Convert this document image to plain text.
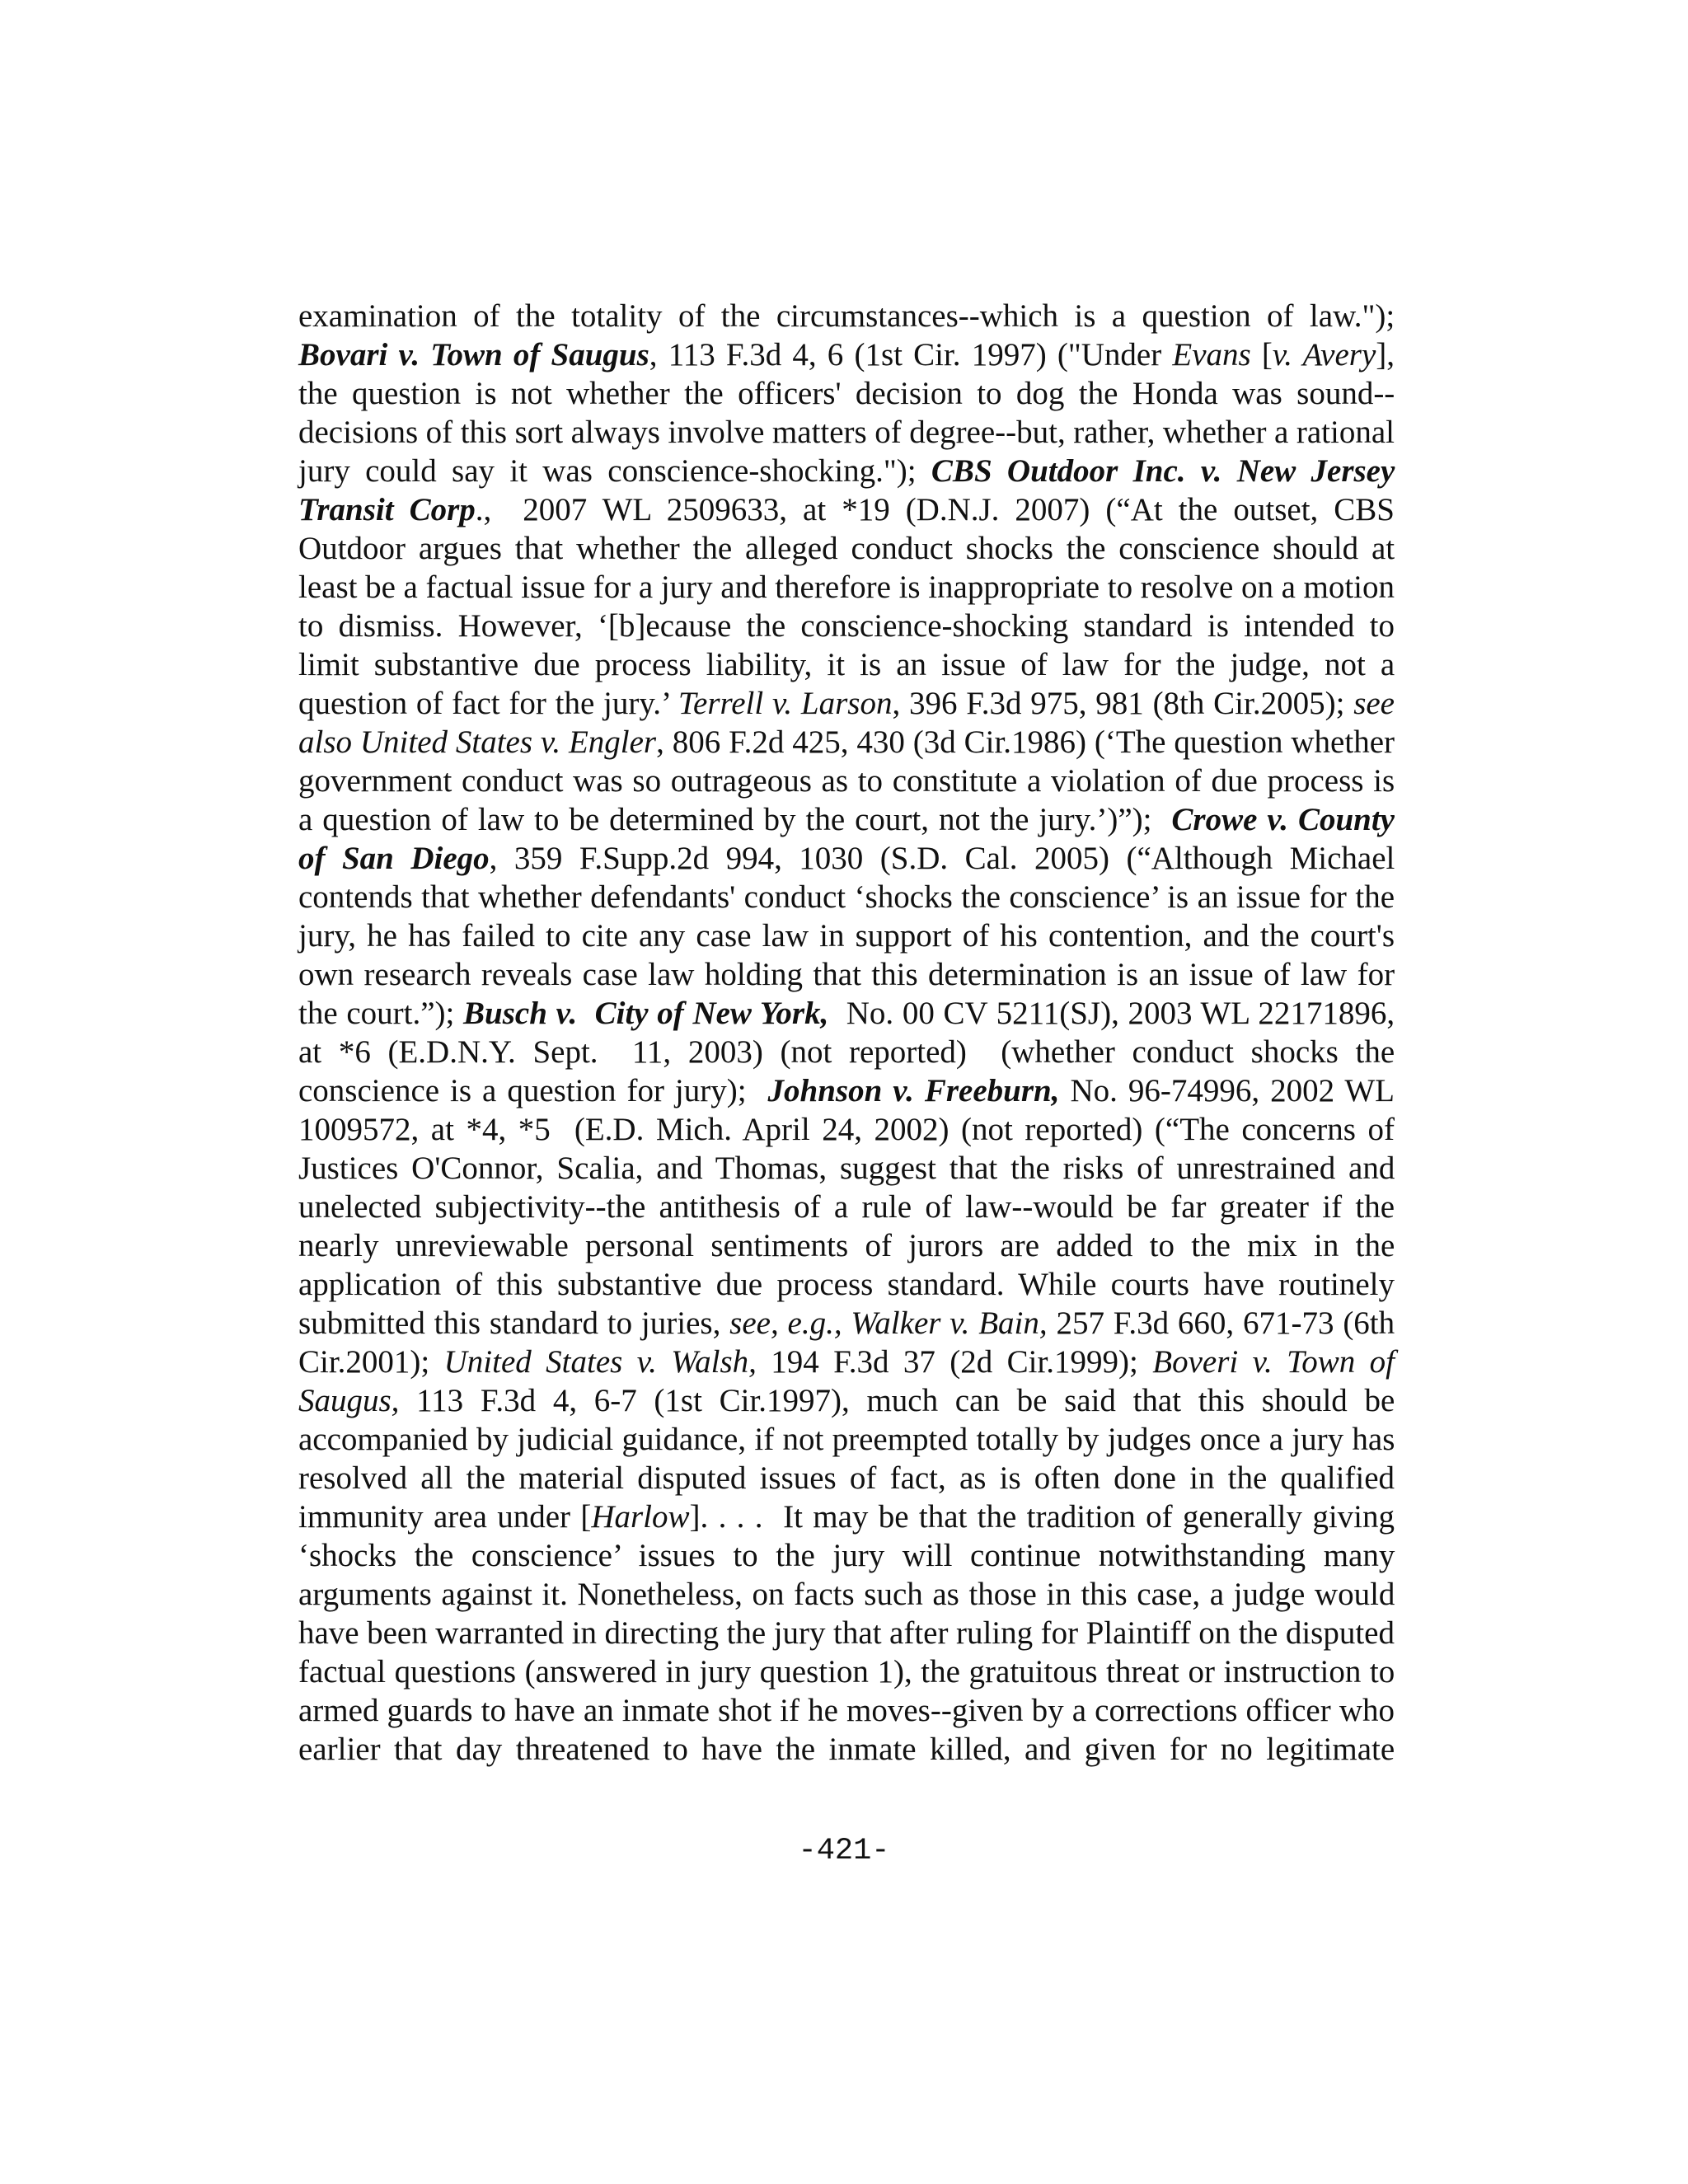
examination of the totality of the circumstances--which is a question of law.");
Bovari v. Town of Saugus, 113 F.3d 4, 6 (1st Cir. 1997) ("Under Evans [v. Avery],
the question is not whether the officers' decision to dog the Honda was sound--
decisions of this sort always involve matters of degree--but, rather, whether a rational
jury could say it was conscience-shocking."); CBS Outdoor Inc. v. New Jersey
Transit Corp.,  2007 WL 2509633, at *19 (D.N.J. 2007) (“At the outset, CBS
Outdoor argues that whether the alleged conduct shocks the conscience should at
least be a factual issue for a jury and therefore is inappropriate to resolve on a motion
to dismiss. However, ‘[b]ecause the conscience-shocking standard is intended to
limit substantive due process liability, it is an issue of law for the judge, not a
question of fact for the jury.’ Terrell v. Larson, 396 F.3d 975, 981 (8th Cir.2005); see
also United States v. Engler, 806 F.2d 425, 430 (3d Cir.1986) (‘The question whether
government conduct was so outrageous as to constitute a violation of due process is
a question of law to be determined by the court, not the jury.’)”);  Crowe v. County
of San Diego, 359 F.Supp.2d 994, 1030 (S.D. Cal. 2005) (“Although Michael
contends that whether defendants' conduct ‘shocks the conscience’ is an issue for the
jury, he has failed to cite any case law in support of his contention, and the court's
own research reveals case law holding that this determination is an issue of law for
the court.”); Busch v.  City of New York,  No. 00 CV 5211(SJ), 2003 WL 22171896,
at *6 (E.D.N.Y. Sept.  11, 2003) (not reported)  (whether conduct shocks the
conscience is a question for jury);  Johnson v. Freeburn, No. 96-74996, 2002 WL
1009572, at *4, *5  (E.D. Mich. April 24, 2002) (not reported) (“The concerns of
Justices O'Connor, Scalia, and Thomas, suggest that the risks of unrestrained and
unelected subjectivity--the antithesis of a rule of law--would be far greater if the
nearly unreviewable personal sentiments of jurors are added to the mix in the
application of this substantive due process standard. While courts have routinely
submitted this standard to juries, see, e.g., Walker v. Bain, 257 F.3d 660, 671-73 (6th
Cir.2001); United States v. Walsh, 194 F.3d 37 (2d Cir.1999); Boveri v. Town of
Saugus, 113 F.3d 4, 6-7 (1st Cir.1997), much can be said that this should be
accompanied by judicial guidance, if not preempted totally by judges once a jury has
resolved all the material disputed issues of fact, as is often done in the qualified
immunity area under [Harlow]. . . .  It may be that the tradition of generally giving
‘shocks the conscience’ issues to the jury will continue notwithstanding many
arguments against it. Nonetheless, on facts such as those in this case, a judge would
have been warranted in directing the jury that after ruling for Plaintiff on the disputed
factual questions (answered in jury question 1), the gratuitous threat or instruction to
armed guards to have an inmate shot if he moves--given by a corrections officer who
earlier that day threatened to have the inmate killed, and given for no legitimate
-421-
